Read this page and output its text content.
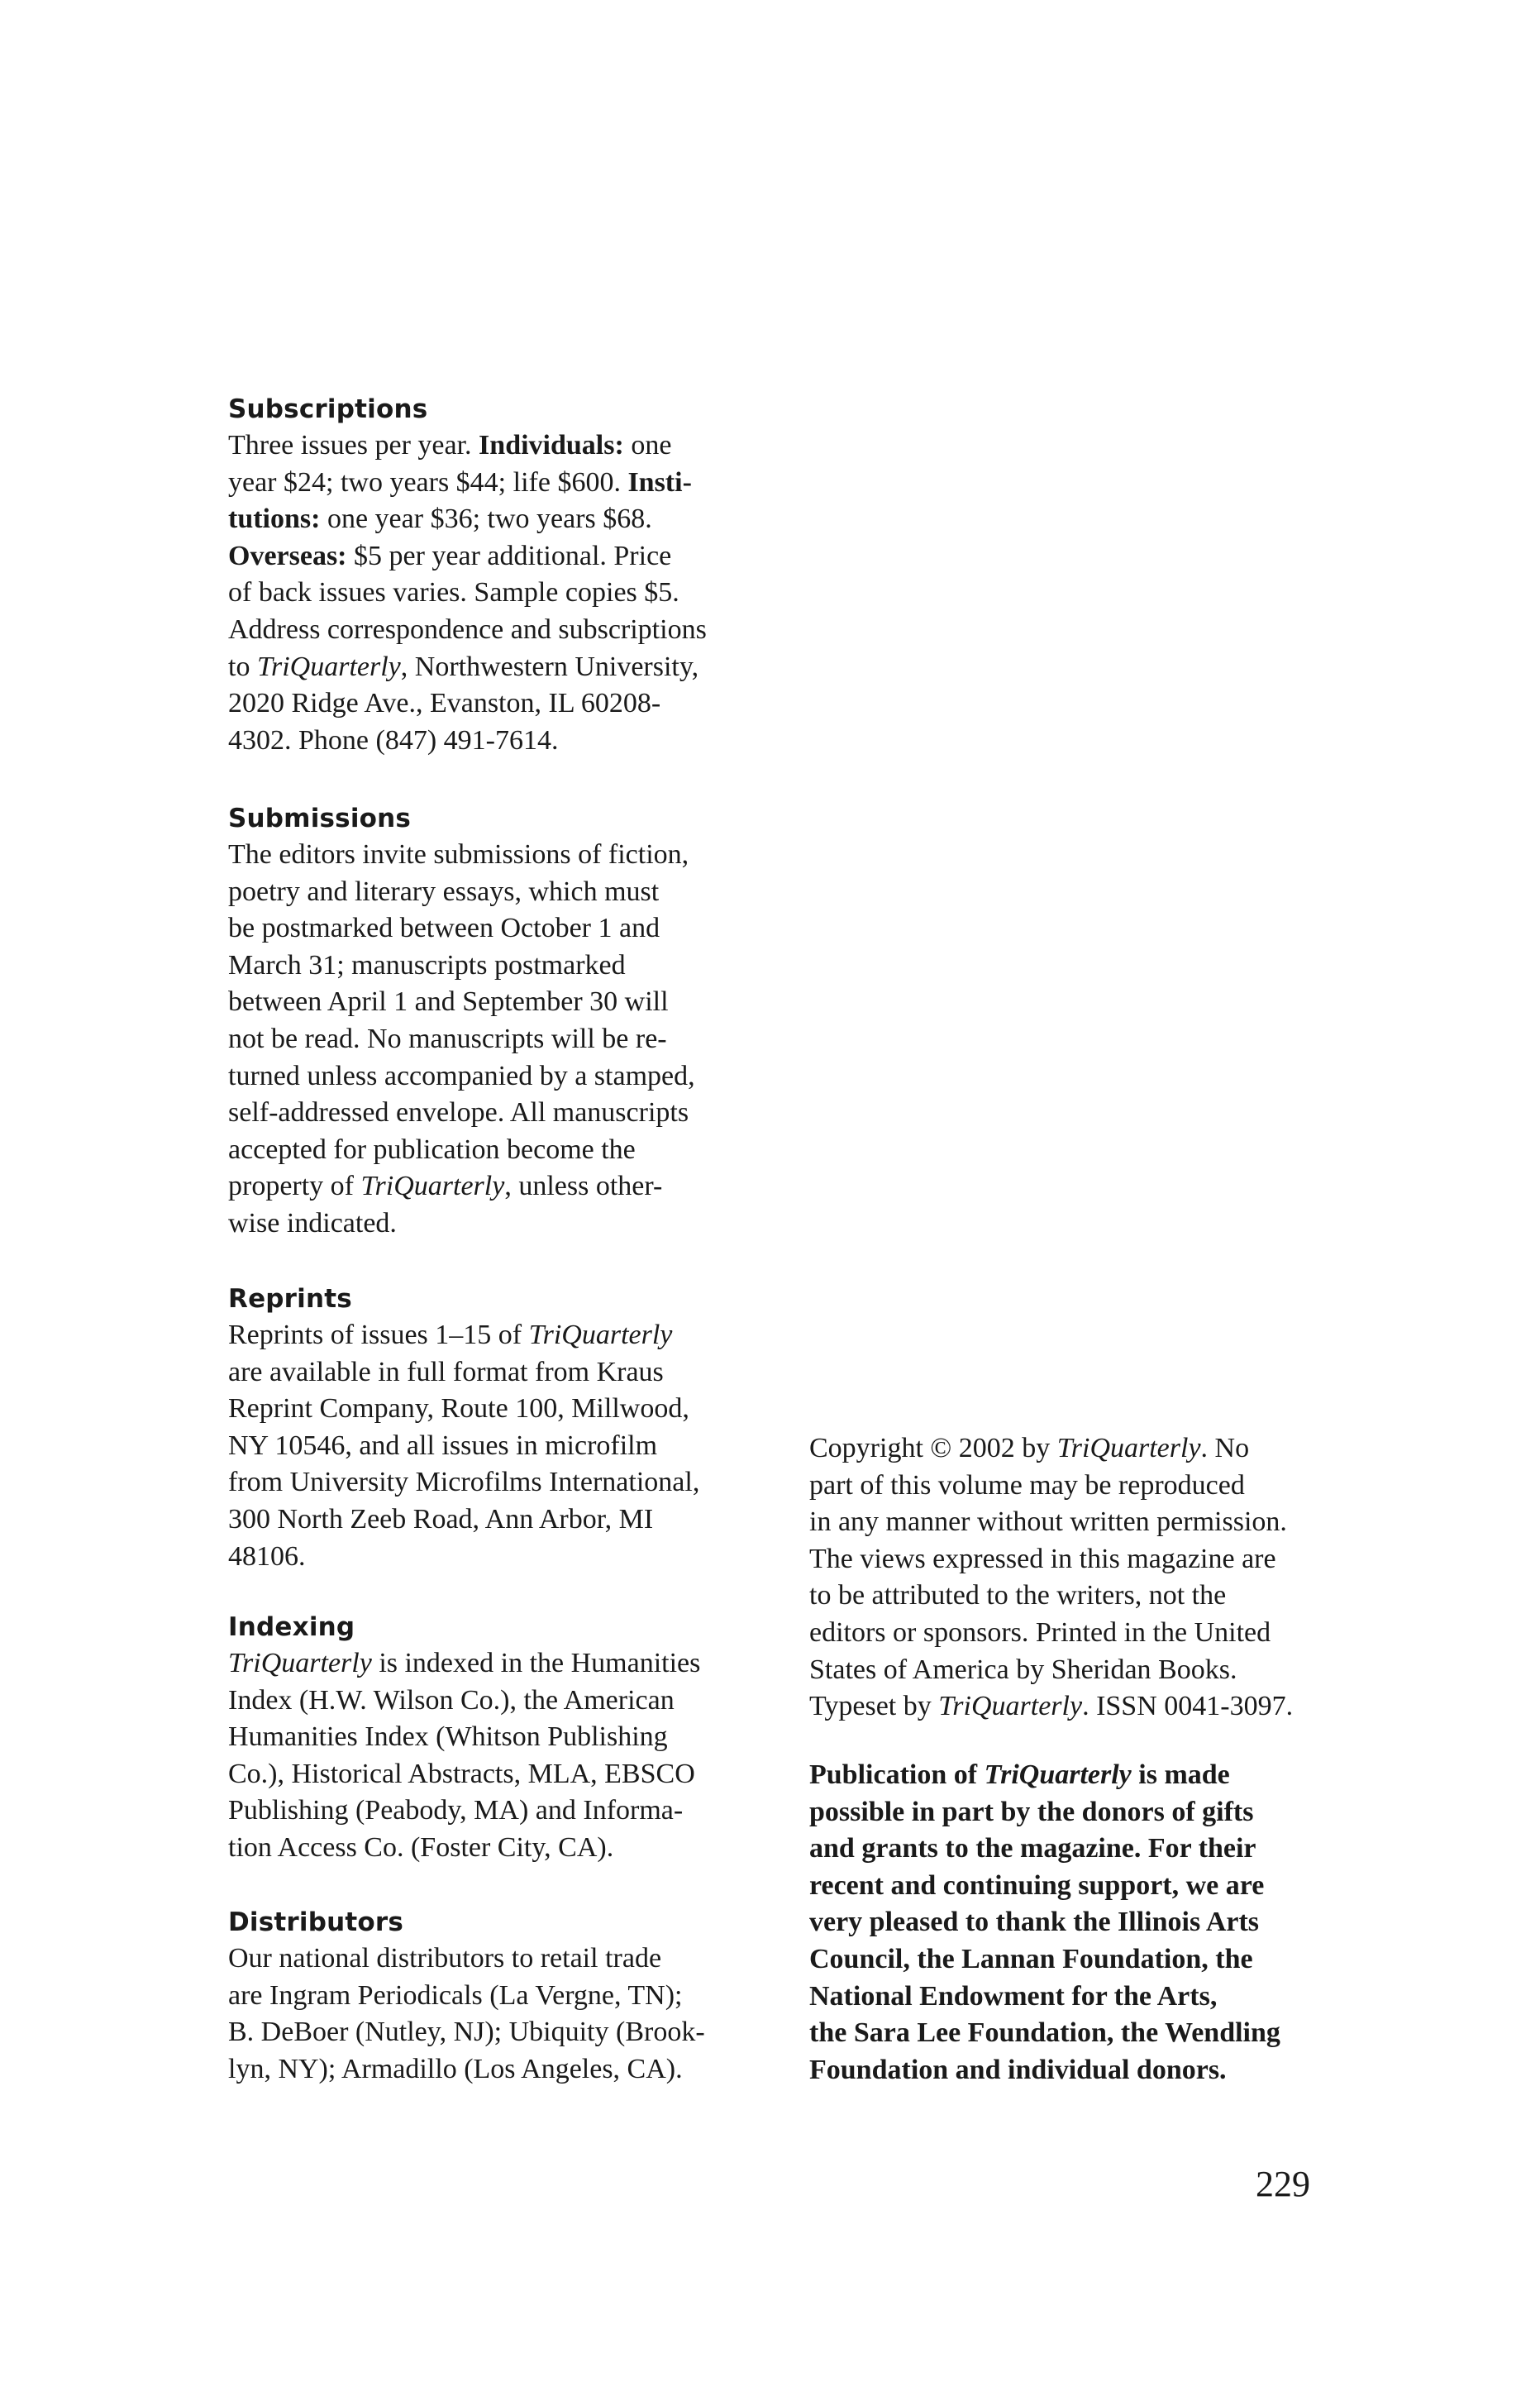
Subscriptions

Three issues per year. Individuals: one
year $24; two years $44; life $600. Insti-
tutions: one year $36; two years $68.
Overseas: $5 per year additional. Price
of back issues varies. Sample copies $5.
Address correspondence and subscriptions
to TriQuarterly, Northwestern University,
2020 Ridge Ave., Evanston, IL 60208-
4302. Phone (847) 491-7614.

Submissions

The editors invite submissions of fiction,
poetry and literary essays, which must
be postmarked between October 1 and
March 31; manuscripts postmarked
between April 1 and September 30 will
not be read. No manuscripts will be re-
turned unless accompanied by a stamped,
self-addressed envelope. All manuscripts
accepted for publication become the
property of TriQuarterly, unless other-
wise indicated.

Reprints

Reprints of issues 1–15 of TriQuarterly
are available in full format from Kraus
Reprint Company, Route 100, Millwood,
NY 10546, and all issues in microfilm
from University Microfilms International,
300 North Zeeb Road, Ann Arbor, MI
48106.

Indexing

TriQuarterly is indexed in the Humanities
Index (H.W. Wilson Co.), the American
Humanities Index (Whitson Publishing
Co.), Historical Abstracts, MLA, EBSCO
Publishing (Peabody, MA) and Informa-
tion Access Co. (Foster City, CA).

Distributors

Our national distributors to retail trade
are Ingram Periodicals (La Vergne, TN);
B. DeBoer (Nutley, NJ); Ubiquity (Brook-
lyn, NY); Armadillo (Los Angeles, CA).

Copyright © 2002 by TriQuarterly. No
part of this volume may be reproduced
in any manner without written permission.
The views expressed in this magazine are
to be attributed to the writers, not the
editors or sponsors. Printed in the United
States of America by Sheridan Books.
Typeset by TriQuarterly. ISSN 0041-3097.

Publication of TriQuarterly is made
possible in part by the donors of gifts
and grants to the magazine. For their
recent and continuing support, we are
very pleased to thank the Illinois Arts
Council, the Lannan Foundation, the
National Endowment for the Arts,
the Sara Lee Foundation, the Wendling
Foundation and individual donors.

229
